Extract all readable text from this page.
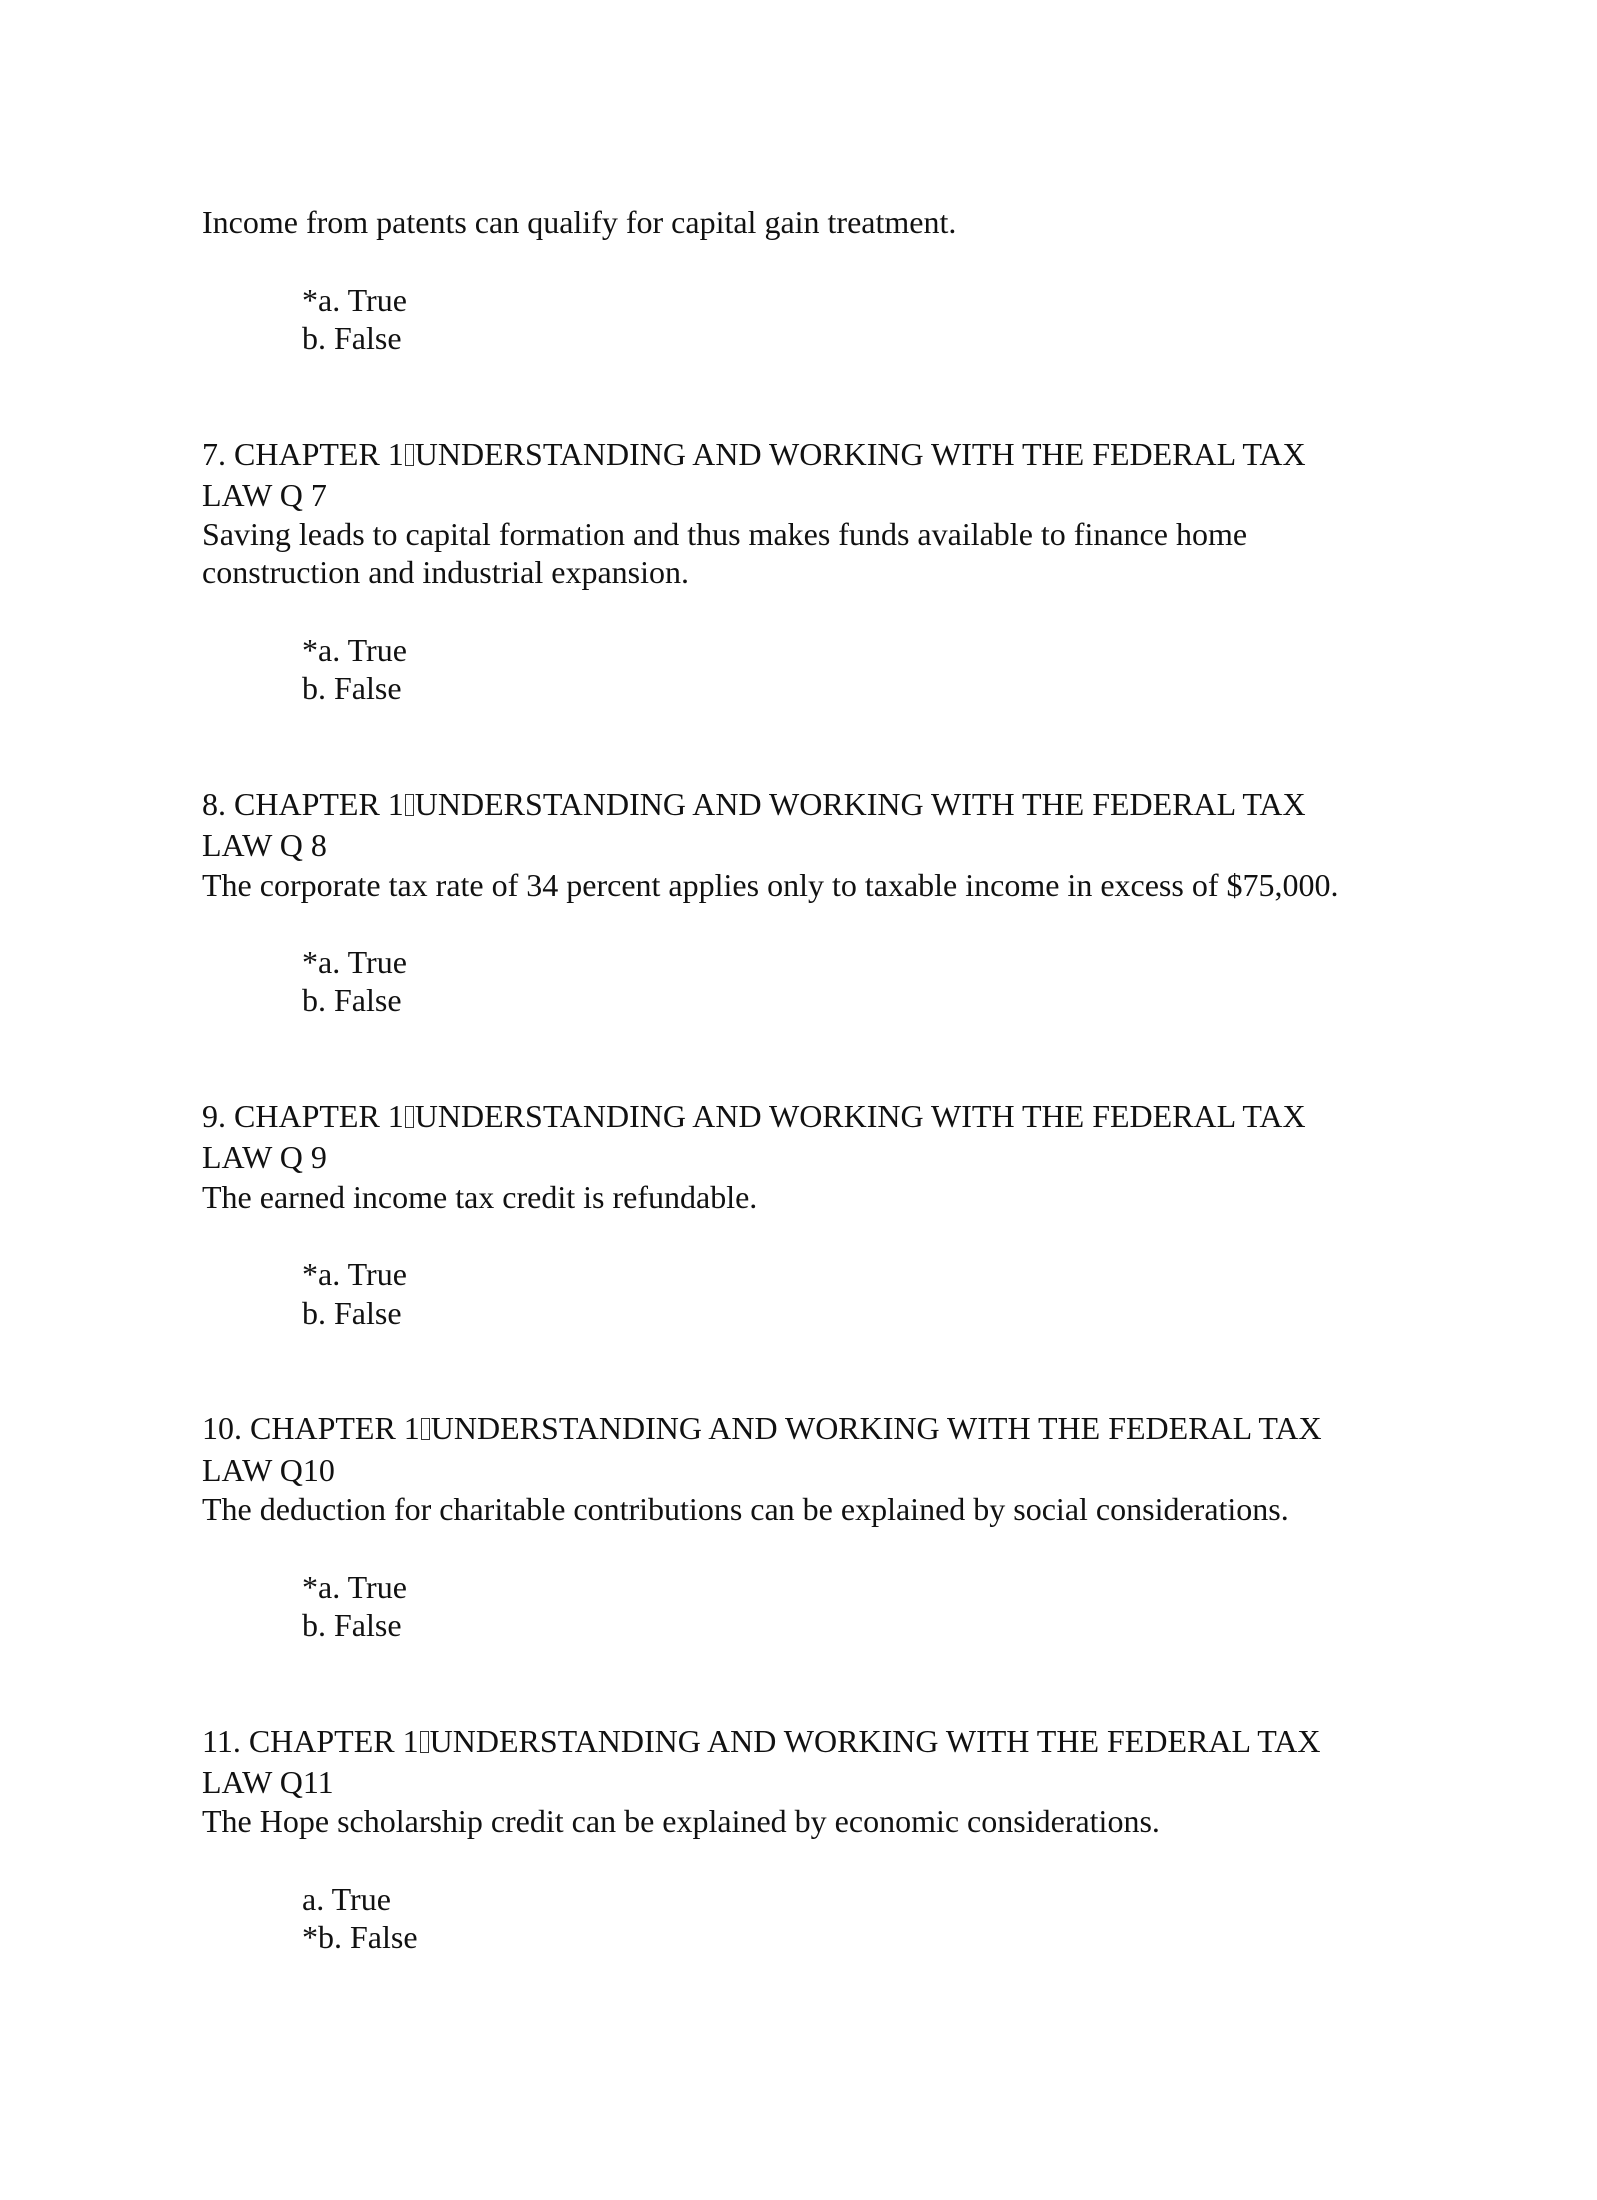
Income from patents can qualify for capital gain treatment.
*a. True
b. False
7. CHAPTER 1 UNDERSTANDING AND WORKING WITH THE FEDERAL TAX
LAW Q 7
Saving leads to capital formation and thus makes funds available to finance home
construction and industrial expansion.
*a. True
b. False
8. CHAPTER 1 UNDERSTANDING AND WORKING WITH THE FEDERAL TAX
LAW Q 8
The corporate tax rate of 34 percent applies only to taxable income in excess of $75,000.
*a. True
b. False
9. CHAPTER 1 UNDERSTANDING AND WORKING WITH THE FEDERAL TAX
LAW Q 9
The earned income tax credit is refundable.
*a. True
b. False
10. CHAPTER 1 UNDERSTANDING AND WORKING WITH THE FEDERAL TAX
LAW Q10
The deduction for charitable contributions can be explained by social considerations.
*a. True
b. False
11. CHAPTER 1 UNDERSTANDING AND WORKING WITH THE FEDERAL TAX
LAW Q11
The Hope scholarship credit can be explained by economic considerations.
a. True
*b. False
